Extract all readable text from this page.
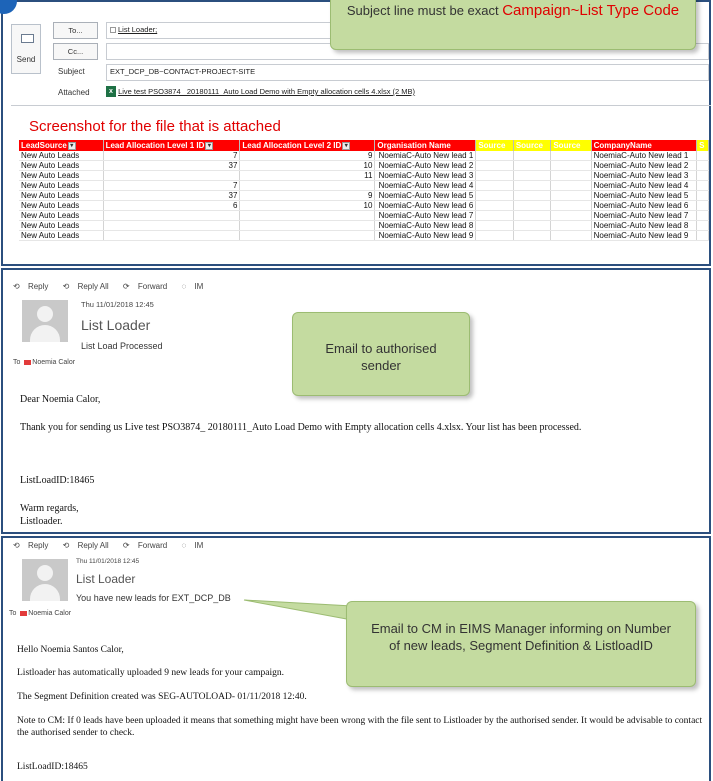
Send
To...	List Loader;
Cc...
Subject	EXT_DCP_DB~CONTACT-PROJECT-SITE
Attached	x Live test PSO3874_ 20180111_Auto Load Demo with Empty allocation cells 4.xlsx (2 MB)
Screenshot for the file that is attached
LeadSource ▾	Lead Allocation Level 1 ID ▾	Lead Allocation Level 2 ID ▾	Organisation Name	Source	Source	Source	CompanyName	S
New Auto Leads	7	9	NoemiaC-Auto New lead 1				NoemiaC-Auto New lead 1	
New Auto Leads	37	10	NoemiaC-Auto New lead 2				NoemiaC-Auto New lead 2	
New Auto Leads		11	NoemiaC-Auto New lead 3				NoemiaC-Auto New lead 3	
New Auto Leads	7		NoemiaC-Auto New lead 4				NoemiaC-Auto New lead 4	
New Auto Leads	37	9	NoemiaC-Auto New lead 5				NoemiaC-Auto New lead 5	
New Auto Leads	6	10	NoemiaC-Auto New lead 6				NoemiaC-Auto New lead 6	
New Auto Leads			NoemiaC-Auto New lead 7				NoemiaC-Auto New lead 7	
New Auto Leads			NoemiaC-Auto New lead 8				NoemiaC-Auto New lead 8	
New Auto Leads			NoemiaC-Auto New lead 9				NoemiaC-Auto New lead 9	
Subject line must be exact Campaign~List Type Code
⟲ Reply ⟲ Reply All ⟳ Forward ◌ IM
Thu 11/01/2018 12:45
List Loader
List Load Processed
To Noemia Calor
Dear Noemia Calor,
Thank you for sending us Live test PSO3874_ 20180111_Auto Load Demo with Empty allocation cells 4.xlsx. Your list has been processed.
ListLoadID:18465
Warm regards,
Listloader.
Email to authorised sender
⟲ Reply ⟲ Reply All ⟳ Forward ◌ IM
Thu 11/01/2018 12:45
List Loader
You have new leads for EXT_DCP_DB
To Noemia Calor
Hello Noemia Santos Calor,
Listloader has automatically uploaded 9 new leads for your campaign.
The Segment Definition created was SEG-AUTOLOAD- 01/11/2018 12:40.
Note to CM: If 0 leads have been uploaded it means that something might have been wrong with the file sent to Listloader by the authorised sender. It would be advisable to contact the authorised sender to check.
ListLoadID:18465
Email to CM in EIMS Manager informing on Number of new leads, Segment Definition & ListloadID
